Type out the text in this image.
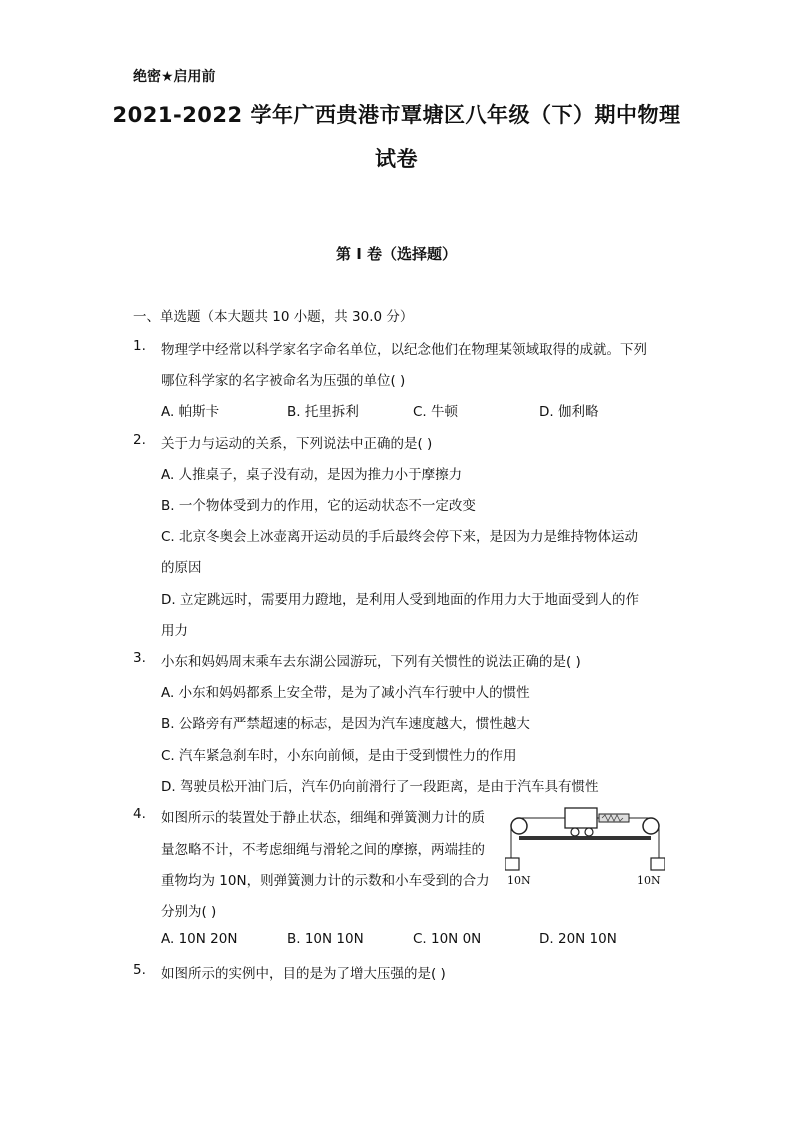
绝密★启用前
2021-2022 学年广西贵港市覃塘区八年级（下）期中物理
试卷
第 I 卷（选择题）
一、单选题（本大题共 10 小题，共 30.0 分）
1. 物理学中经常以科学家名字命名单位，以纪念他们在物理某领域取得的成就。下列
哪位科学家的名字被命名为压强的单位( )
A. 帕斯卡	B. 托里拆利	C. 牛顿	D. 伽利略
2. 关于力与运动的关系，下列说法中正确的是( )
A. 人推桌子，桌子没有动，是因为推力小于摩擦力
B. 一个物体受到力的作用，它的运动状态不一定改变
C. 北京冬奥会上冰壶离开运动员的手后最终会停下来，是因为力是维持物体运动
的原因
D. 立定跳远时，需要用力蹬地，是利用人受到地面的作用力大于地面受到人的作
用力
3. 小东和妈妈周末乘车去东湖公园游玩，下列有关惯性的说法正确的是( )
A. 小东和妈妈都系上安全带，是为了减小汽车行驶中人的惯性
B. 公路旁有严禁超速的标志，是因为汽车速度越大，惯性越大
C. 汽车紧急刹车时，小东向前倾，是由于受到惯性力的作用
D. 驾驶员松开油门后，汽车仍向前滑行了一段距离，是由于汽车具有惯性
4. 如图所示的装置处于静止状态，细绳和弹簧测力计的质
量忽略不计，不考虑细绳与滑轮之间的摩擦，两端挂的
重物均为 10N，则弹簧测力计的示数和小车受到的合力
分别为( )
A. 10N 20N	B. 10N 10N	C. 10N 0N	D. 20N 10N
10N	10N
5. 如图所示的实例中，目的是为了增大压强的是( )
